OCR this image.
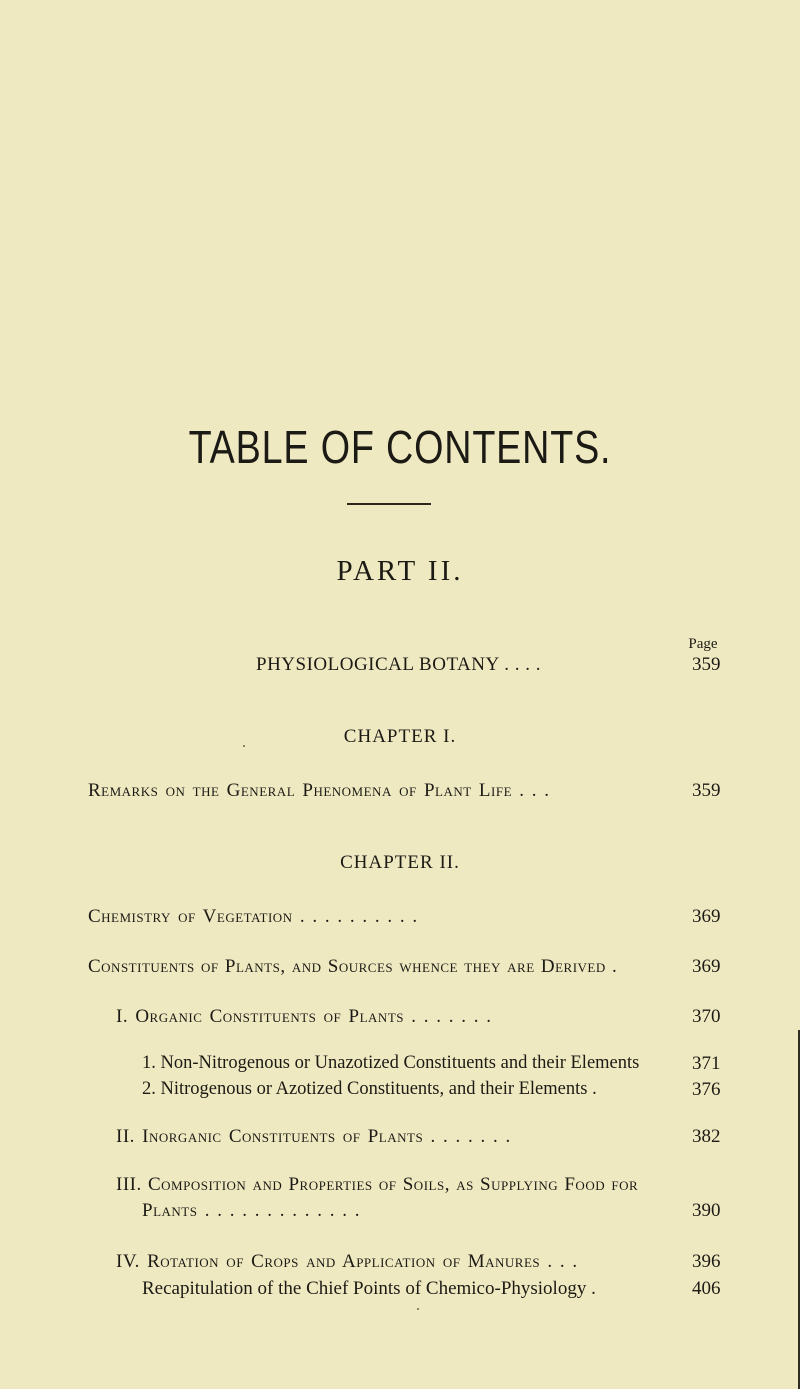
TABLE OF CONTENTS.
PART II.
Page
PHYSIOLOGICAL BOTANY . . . .	359
CHAPTER I.
Remarks on the General Phenomena of Plant Life . . .	359
CHAPTER II.
Chemistry of Vegetation . . . . . . . . . .	369
Constituents of Plants, and Sources whence they are Derived .	369
I. Organic Constituents of Plants . . . . . . .	370
1. Non-Nitrogenous or Unazotized Constituents and their Elements	371
2. Nitrogenous or Azotized Constituents, and their Elements .	376
II. Inorganic Constituents of Plants . . . . . . .	382
III. Composition and Properties of Soils, as Supplying Food for
Plants . . . . . . . . . . . . .	390
IV. Rotation of Crops and Application of Manures . . .	396
Recapitulation of the Chief Points of Chemico-Physiology .	406
